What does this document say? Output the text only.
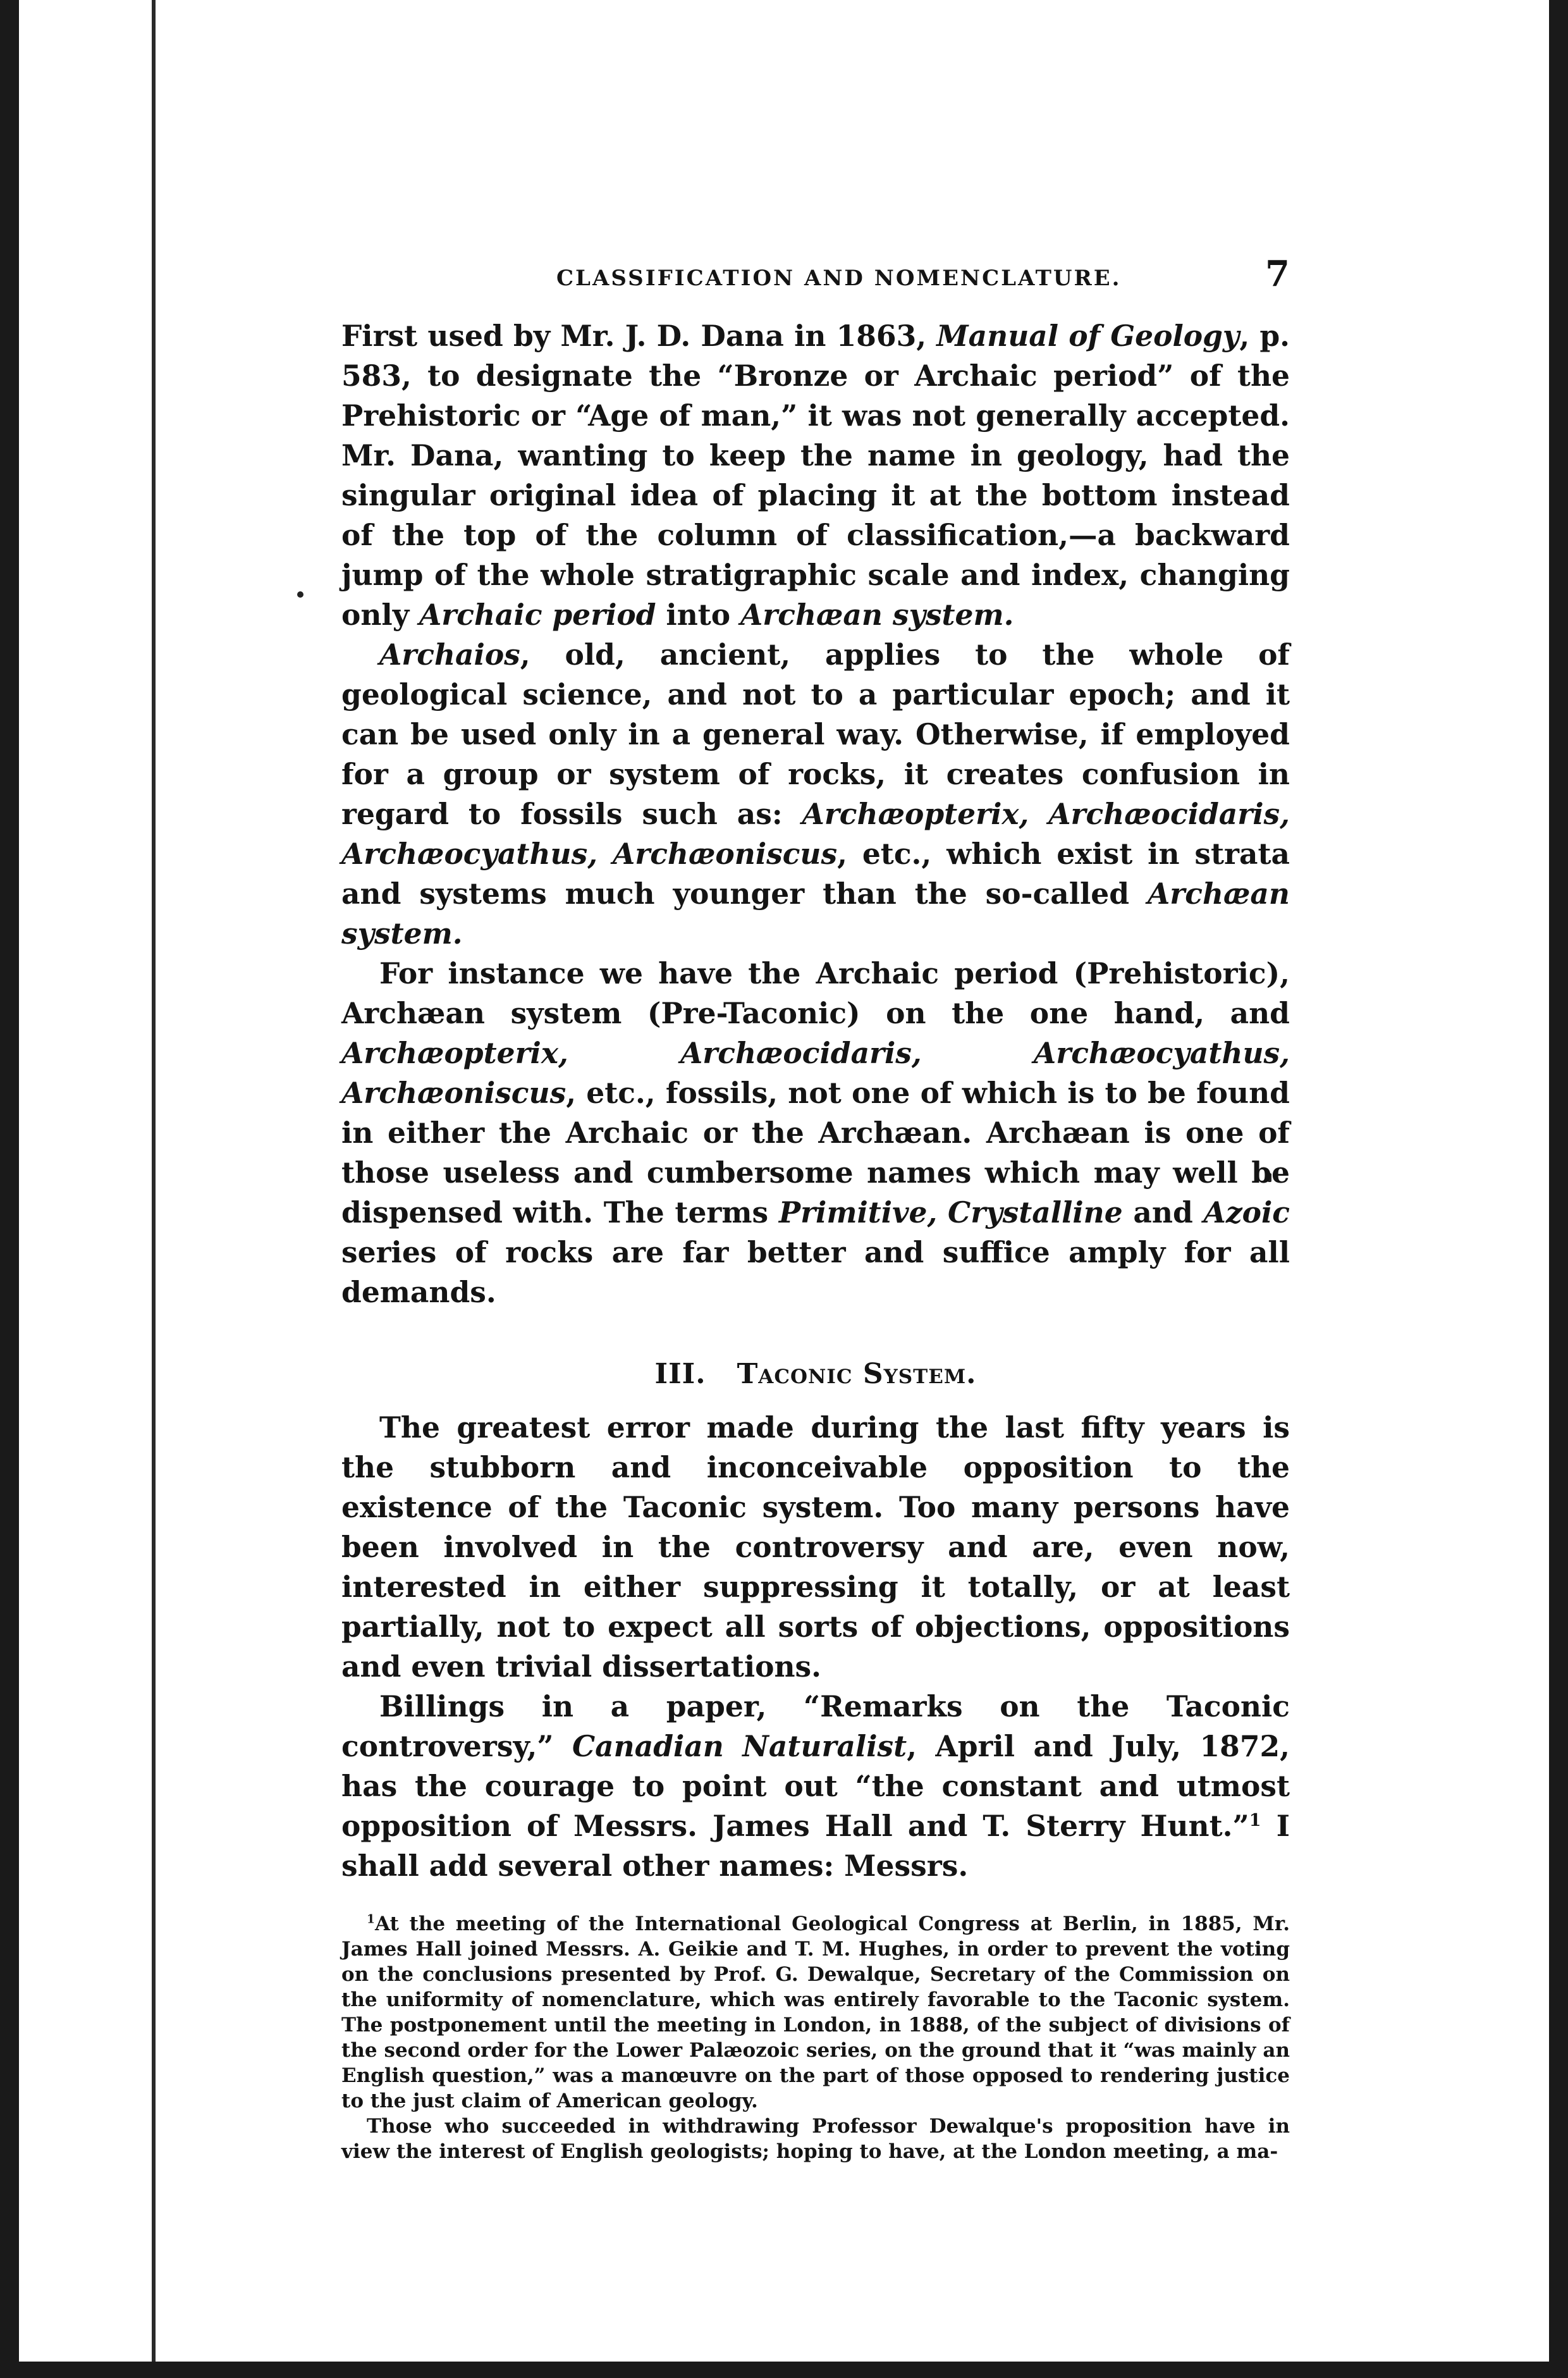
CLASSIFICATION AND NOMENCLATURE.	7

First used by Mr. J. D. Dana in 1863, Manual of Geology, p. 583, to designate the “Bronze or Archaic period” of the Prehistoric or “Age of man,” it was not generally accepted. Mr. Dana, wanting to keep the name in geology, had the singular original idea of placing it at the bottom instead of the top of the column of classification,—a backward jump of the whole stratigraphic scale and index, changing only Archaic period into Archæan system.

Archaios, old, ancient, applies to the whole of geological science, and not to a particular epoch; and it can be used only in a general way. Otherwise, if employed for a group or system of rocks, it creates confusion in regard to fossils such as: Archæopterix, Archæocidaris, Archæocyathus, Archæoniscus, etc., which exist in strata and systems much younger than the so-called Archæan system.

For instance we have the Archaic period (Prehistoric), Archæan system (Pre-Taconic) on the one hand, and Archæopterix, Archæocidaris, Archæocyathus, Archæoniscus, etc., fossils, not one of which is to be found in either the Archaic or the Archæan. Archæan is one of those useless and cumbersome names which may well be dispensed with. The terms Primitive, Crystalline and Azoic series of rocks are far better and suffice amply for all demands.

III. Taconic System.

The greatest error made during the last fifty years is the stubborn and inconceivable opposition to the existence of the Taconic system. Too many persons have been involved in the controversy and are, even now, interested in either suppressing it totally, or at least partially, not to expect all sorts of objections, oppositions and even trivial dissertations.

Billings in a paper, “Remarks on the Taconic controversy,” Canadian Naturalist, April and July, 1872, has the courage to point out “the constant and utmost opposition of Messrs. James Hall and T. Sterry Hunt.”$^1$ I shall add several other names: Messrs.

$^1$At the meeting of the International Geological Congress at Berlin, in 1885, Mr. James Hall joined Messrs. A. Geikie and T. M. Hughes, in order to prevent the voting on the conclusions presented by Prof. G. Dewalque, Secretary of the Commission on the uniformity of nomenclature, which was entirely favorable to the Taconic system. The postponement until the meeting in London, in 1888, of the subject of divisions of the second order for the Lower Palæozoic series, on the ground that it “was mainly an English question,” was a manœuvre on the part of those opposed to rendering justice to the just claim of American geology.

Those who succeeded in withdrawing Professor Dewalque's proposition have in view the interest of English geologists; hoping to have, at the London meeting, a ma-
